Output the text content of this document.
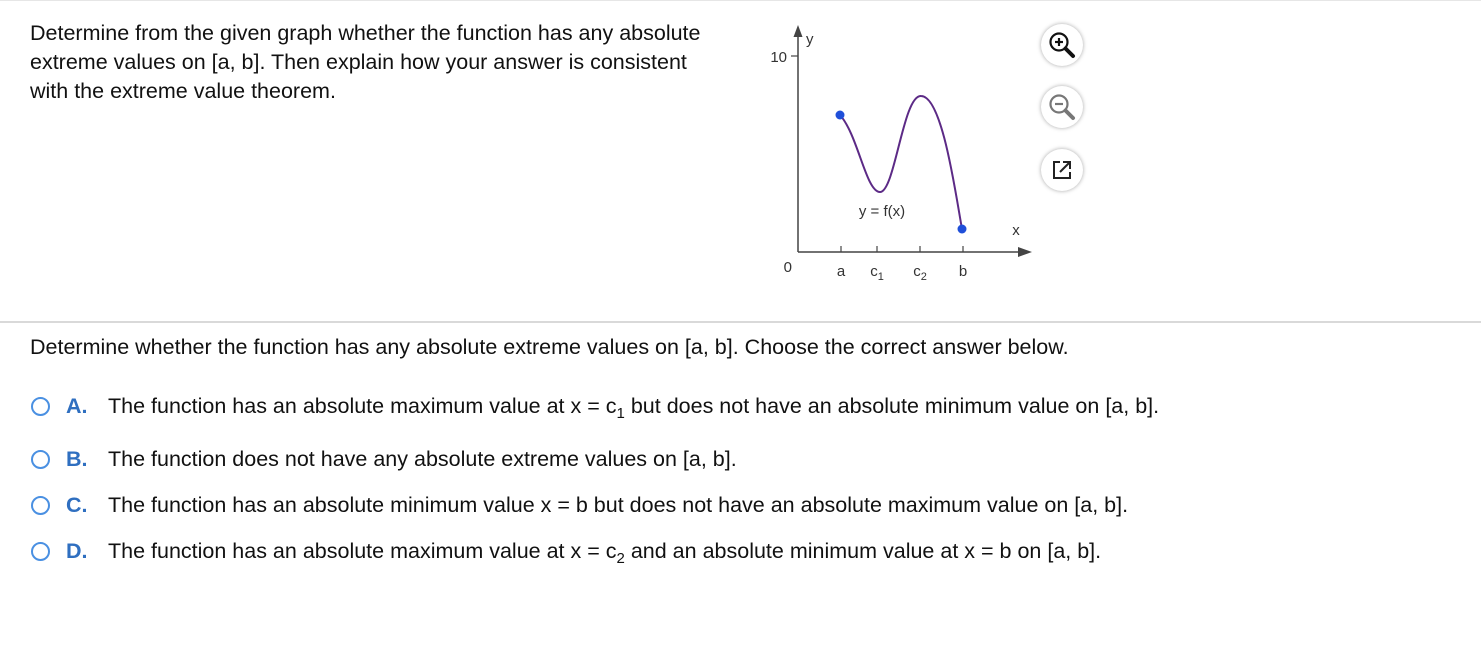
Determine from the given graph whether the function has any absolute extreme values on [a, b]. Then explain how your answer is consistent with the extreme value theorem.
y
10
0
x
y = f(x)
a $c_1$ $c_2$ b
Determine whether the function has any absolute extreme values on [a, b]. Choose the correct answer below.
A. The function has an absolute maximum value at $x = c_1$ but does not have an absolute minimum value on [a, b].
B. The function does not have any absolute extreme values on [a, b].
C. The function has an absolute minimum value x = b but does not have an absolute maximum value on [a, b].
D. The function has an absolute maximum value at $x = c_2$ and an absolute minimum value at x = b on [a, b].
